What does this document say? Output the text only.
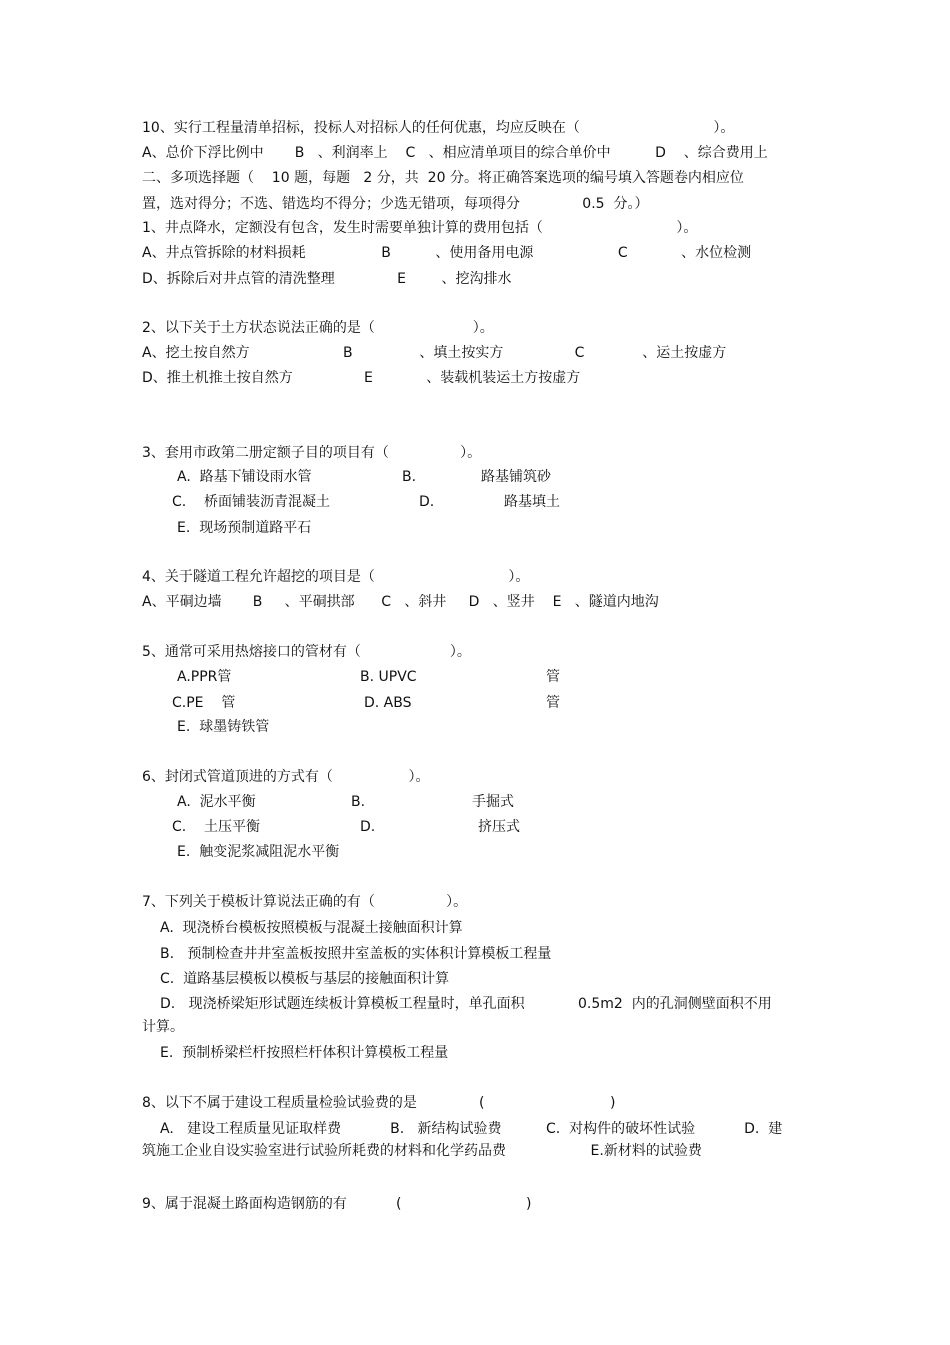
10、实行工程量清单招标，投标人对招标人的任何优惠，均应反映在（                              ）。
A、总价下浮比例中       B   、利润率上    C   、相应清单项目的综合单价中          D    、综合费用上
二、多项选择题（    10 题，每题   2 分，共  20 分。将正确答案选项的编号填入答题卷内相应位
置，选对得分；不选、错选均不得分；少选无错项，每项得分              0.5  分。）
1、井点降水，定额没有包含，发生时需要单独计算的费用包括（                              ）。
A、井点管拆除的材料损耗                 B          、使用备用电源                   C            、水位检测
D、拆除后对井点管的清洗整理              E        、挖沟排水
2、以下关于土方状态说法正确的是（                      ）。
A、挖土按自然方                     B               、填土按实方                C             、运土按虚方
D、推土机推土按自然方                E            、装载机装运土方按虚方
3、套用市政第二册定额子目的项目有（                ）。
A.  路基下铺设雨水管	B.	路基铺筑砂
C.    桥面铺装沥青混凝土	D.	路基填土
E.  现场预制道路平石
4、关于隧道工程允许超挖的项目是（                              ）。
A、平硐边墙       B     、平硐拱部      C   、斜井     D   、竖井    E   、隧道内地沟
5、通常可采用热熔接口的管材有（                    ）。
A.PPR管	B. UPVC	管
C.PE    管	D. ABS	管
E.  球墨铸铁管
6、封闭式管道顶进的方式有（                 ）。
A.  泥水平衡	B.	手掘式
C.    土压平衡	D.	挤压式
E.  触变泥浆减阻泥水平衡
7、下列关于模板计算说法正确的有（                ）。
A.  现浇桥台模板按照模板与混凝土接触面积计算
B.   预制检查井井室盖板按照井室盖板的实体积计算模板工程量
C.  道路基层模板以模板与基层的接触面积计算
D.   现浇桥梁矩形试题连续板计算模板工程量时，单孔面积            0.5m2  内的孔洞侧壁面积不用
计算。
E.  预制桥梁栏杆按照栏杆体积计算模板工程量
8、以下不属于建设工程质量检验试验费的是	(	)
A.   建设工程质量见证取样费           B.   新结构试验费          C.  对构件的破坏性试验           D.  建
筑施工企业自设实验室进行试验所耗费的材料和化学药品费                   E.新材料的试验费
9、属于混凝土路面构造钢筋的有	(	)
